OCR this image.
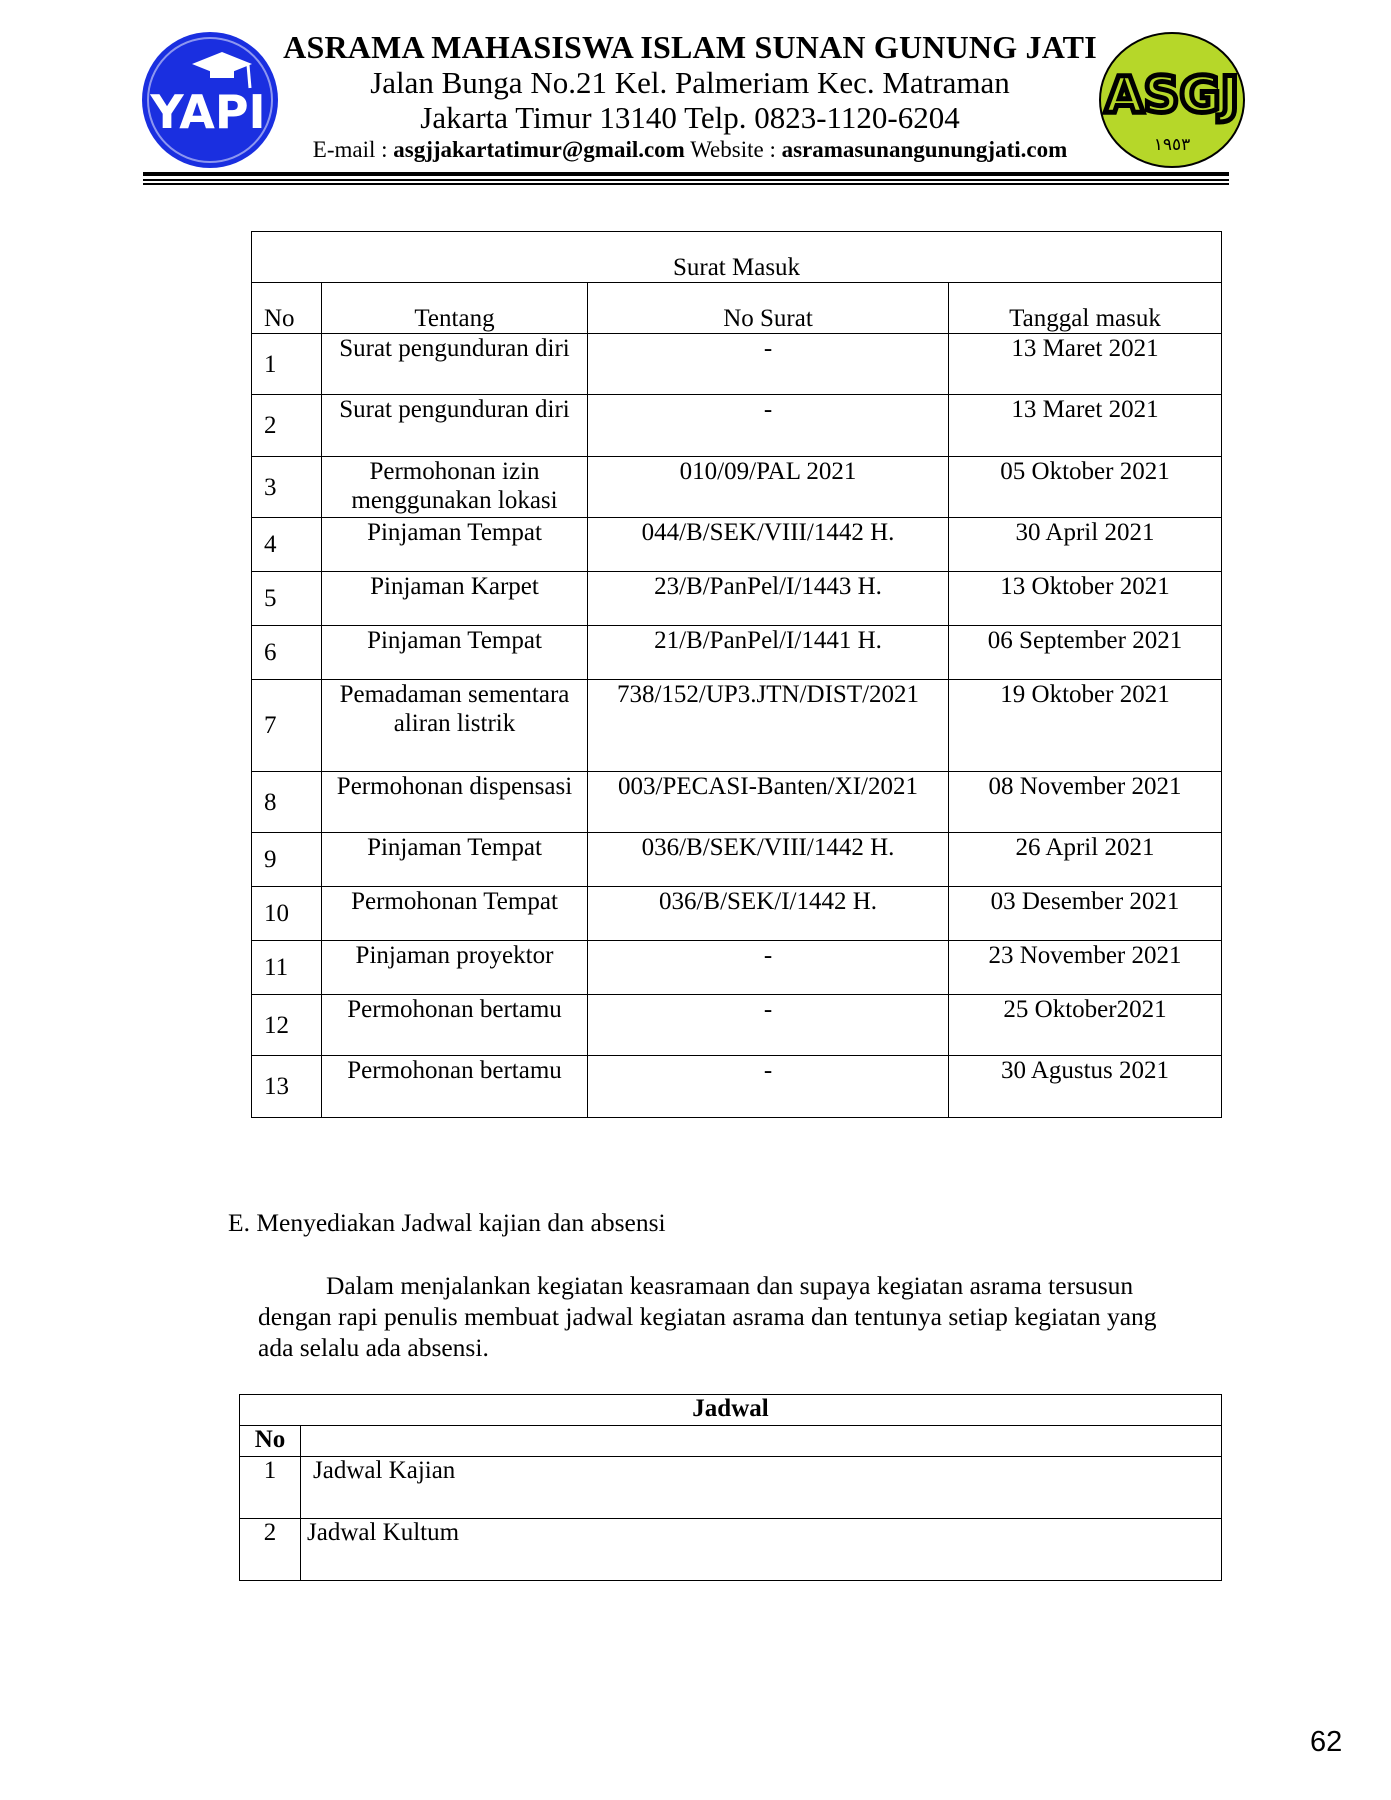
YAPI
ASRAMA MAHASISWA ISLAM SUNAN GUNUNG JATI
Jalan Bunga No.21 Kel. Palmeriam Kec. Matraman
Jakarta Timur 13140 Telp. 0823-1120-6204
E-mail : asgjjakartatimur@gmail.com Website : asramasunangunungjati.com
ASGJ
١٩٥٣
Surat Masuk			
No	Tentang	No Surat	Tanggal masuk
1	Surat pengunduran diri	-	13 Maret 2021
2	Surat pengunduran diri	-	13 Maret 2021
3	Permohonan izin menggunakan lokasi	010/09/PAL 2021	05 Oktober 2021
4	Pinjaman Tempat	044/B/SEK/VIII/1442 H.	30 April 2021
5	Pinjaman Karpet	23/B/PanPel/I/1443 H.	13 Oktober 2021
6	Pinjaman Tempat	21/B/PanPel/I/1441 H.	06 September 2021
7	Pemadaman sementara aliran listrik	738/152/UP3.JTN/DIST/2021	19 Oktober 2021
8	Permohonan dispensasi	003/PECASI-Banten/XI/2021	08 November 2021
9	Pinjaman Tempat	036/B/SEK/VIII/1442 H.	26 April 2021
10	Permohonan Tempat	036/B/SEK/I/1442 H.	03 Desember 2021
11	Pinjaman proyektor	-	23 November 2021
12	Permohonan bertamu	-	25 Oktober2021
13	Permohonan bertamu	-	30 Agustus 2021
E. Menyediakan Jadwal kajian dan absensi
Dalam menjalankan kegiatan keasramaan dan supaya kegiatan asrama tersusun dengan rapi penulis membuat jadwal kegiatan asrama dan tentunya setiap kegiatan yang ada selalu ada absensi.
Jadwal	
No	
1	Jadwal Kajian
2	Jadwal Kultum
62
